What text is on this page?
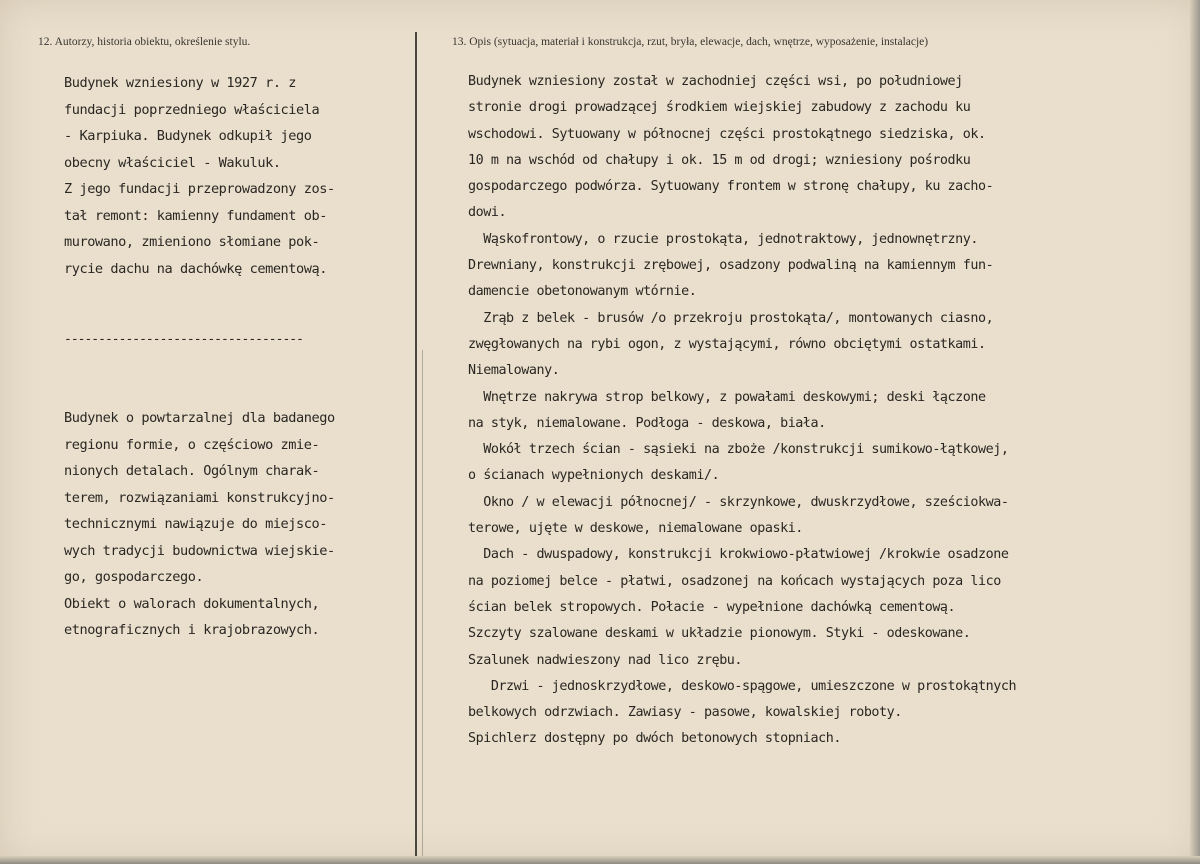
12. Autorzy, historia obiektu, określenie stylu.	13. Opis (sytuacja, materiał i konstrukcja, rzut, bryła, elewacje, dach, wnętrze, wyposażenie, instalacje)
Budynek wzniesiony w 1927 r. z
fundacji poprzedniego właściciela
- Karpiuka. Budynek odkupił jego
obecny właściciel - Wakuluk.
Z jego fundacji przeprowadzony zos-
tał remont: kamienny fundament ob-
murowano, zmieniono słomiane pok-
rycie dachu na dachówkę cementową.
-----------------------------------
Budynek o powtarzalnej dla badanego
regionu formie, o częściowo zmie-
nionych detalach. Ogólnym charak-
terem, rozwiązaniami konstrukcyjno-
technicznymi nawiązuje do miejsco-
wych tradycji budownictwa wiejskie-
go, gospodarczego.
Obiekt o walorach dokumentalnych,
etnograficznych i krajobrazowych.
Budynek wzniesiony został w zachodniej części wsi, po południowej
stronie drogi prowadzącej środkiem wiejskiej zabudowy z zachodu ku
wschodowi. Sytuowany w północnej części prostokątnego siedziska, ok.
10 m na wschód od chałupy i ok. 15 m od drogi; wzniesiony pośrodku
gospodarczego podwórza. Sytuowany frontem w stronę chałupy, ku zacho-
dowi.
Wąskofrontowy, o rzucie prostokąta, jednotraktowy, jednownętrzny.
Drewniany, konstrukcji zrębowej, osadzony podwaliną na kamiennym fun-
damencie obetonowanym wtórnie.
Zrąb z belek - brusów /o przekroju prostokąta/, montowanych ciasno,
zwęgłowanych na rybi ogon, z wystającymi, równo obciętymi ostatkami.
Niemalowany.
Wnętrze nakrywa strop belkowy, z powałami deskowymi; deski łączone
na styk, niemalowane. Podłoga - deskowa, biała.
Wokół trzech ścian - sąsieki na zboże /konstrukcji sumikowo-łątkowej,
o ścianach wypełnionych deskami/.
Okno / w elewacji północnej/ - skrzynkowe, dwuskrzydłowe, sześciokwa-
terowe, ujęte w deskowe, niemalowane opaski.
Dach - dwuspadowy, konstrukcji krokwiowo-płatwiowej /krokwie osadzone
na poziomej belce - płatwi, osadzonej na końcach wystających poza lico
ścian belek stropowych. Połacie - wypełnione dachówką cementową.
Szczyty szalowane deskami w układzie pionowym. Styki - odeskowane.
Szalunek nadwieszony nad lico zrębu.
Drzwi - jednoskrzydłowe, deskowo-spągowe, umieszczone w prostokątnych
belkowych odrzwiach. Zawiasy - pasowe, kowalskiej roboty.
Spichlerz dostępny po dwóch betonowych stopniach.
